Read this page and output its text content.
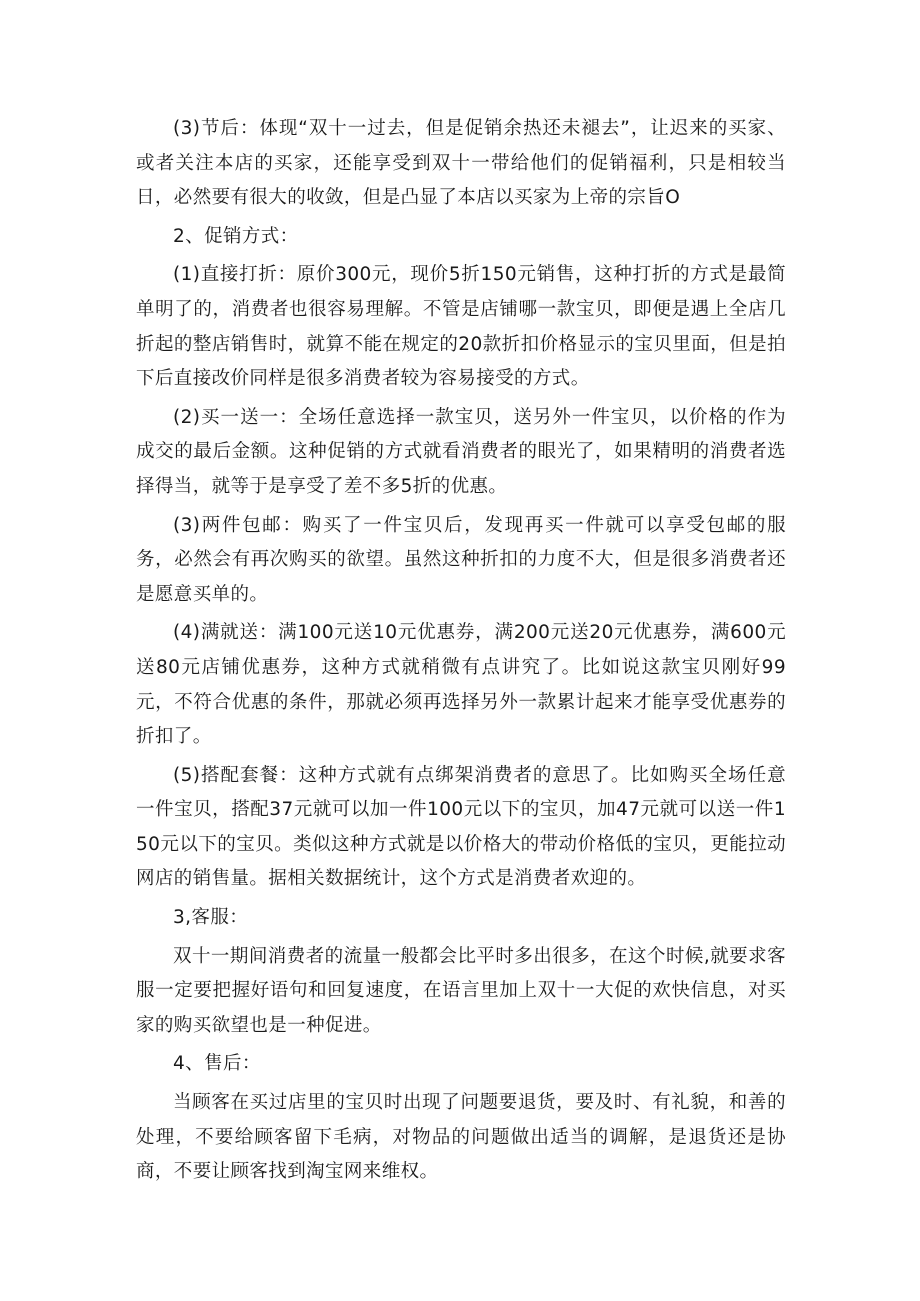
(3)节后：体现“双十一过去，但是促销余热还未褪去”，让迟来的买家、或者关注本店的买家，还能享受到双十一带给他们的促销福利，只是相较当日，必然要有很大的收敛，但是凸显了本店以买家为上帝的宗旨O

2、促销方式：

(1)直接打折：原价300元，现价5折150元销售，这种打折的方式是最简单明了的，消费者也很容易理解。不管是店铺哪一款宝贝，即便是遇上全店几折起的整店销售时，就算不能在规定的20款折扣价格显示的宝贝里面，但是拍下后直接改价同样是很多消费者较为容易接受的方式。

(2)买一送一：全场任意选择一款宝贝，送另外一件宝贝，以价格的作为成交的最后金额。这种促销的方式就看消费者的眼光了，如果精明的消费者选择得当，就等于是享受了差不多5折的优惠。

(3)两件包邮：购买了一件宝贝后，发现再买一件就可以享受包邮的服务，必然会有再次购买的欲望。虽然这种折扣的力度不大，但是很多消费者还是愿意买单的。

(4)满就送：满100元送10元优惠券，满200元送20元优惠券，满600元送80元店铺优惠券，这种方式就稍微有点讲究了。比如说这款宝贝刚好99元，不符合优惠的条件，那就必须再选择另外一款累计起来才能享受优惠券的折扣了。

(5)搭配套餐：这种方式就有点绑架消费者的意思了。比如购买全场任意一件宝贝，搭配37元就可以加一件100元以下的宝贝，加47元就可以送一件150元以下的宝贝。类似这种方式就是以价格大的带动价格低的宝贝，更能拉动网店的销售量。据相关数据统计，这个方式是消费者欢迎的。

3,客服：

双十一期间消费者的流量一般都会比平时多出很多，在这个时候,就要求客服一定要把握好语句和回复速度，在语言里加上双十一大促的欢快信息，对买家的购买欲望也是一种促进。

4、售后：

当顾客在买过店里的宝贝时出现了问题要退货，要及时、有礼貌，和善的处理，不要给顾客留下毛病，对物品的问题做出适当的调解，是退货还是协商，不要让顾客找到淘宝网来维权。
